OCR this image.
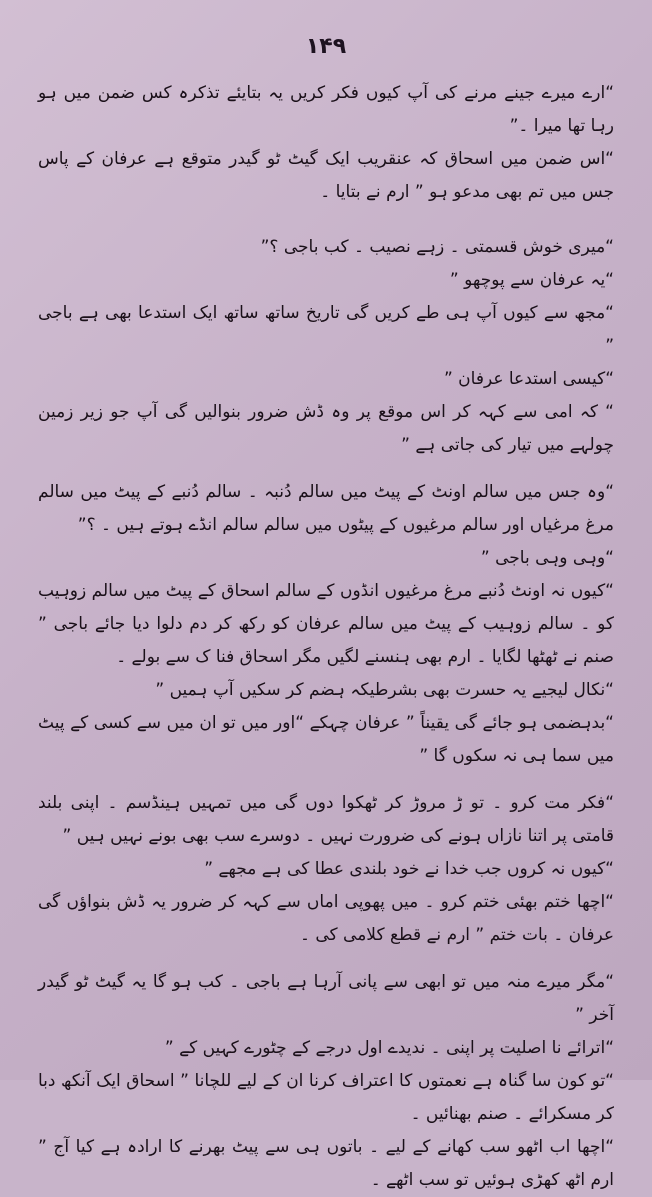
۱۴۹

“ارے میرے جینے مرنے کی آپ کیوں فکر کریں یہ بتایئے تذکرہ کس ضمن میں ہو رہا تھا میرا ۔”

“اس ضمن میں اسحاق کہ عنقریب ایک گیٹ ٹو گیدر متوقع ہے عرفان کے پاس جس میں تم بھی مدعو ہو ” ارم نے بتایا ۔

“میری خوش قسمتی ۔ زہے نصیب ۔ کب باجی ؟”

“یہ عرفان سے پوچھو ”

“مجھ سے کیوں آپ ہی طے کریں گی تاریخ ساتھ ساتھ ایک استدعا بھی ہے باجی ”

“کیسی استدعا عرفان ”

“ کہ امی سے کہہ کر اس موقع پر وہ ڈش ضرور بنوالیں گی آپ جو زیر زمین چولہے میں تیار کی جاتی ہے ”

“وہ جس میں سالم اونٹ کے پیٹ میں سالم دُنبہ ۔ سالم دُنبے کے پیٹ میں سالم مرغ مرغیاں اور سالم مرغیوں کے پیٹوں میں سالم سالم انڈے ہوتے ہیں ۔ ؟”

“وہی وہی باجی ”

“کیوں نہ اونٹ دُنبے مرغ مرغیوں انڈوں کے سالم اسحاق کے پیٹ میں سالم زوہیب کو ۔ سالم زوہیب کے پیٹ میں سالم عرفان کو رکھ کر دم دلوا دیا جائے باجی ” صنم نے ٹھٹھا لگایا ۔ ارم بھی ہنسنے لگیں مگر اسحاق فنا ک سے بولے ۔

“نکال لیجیے یہ حسرت بھی بشرطیکہ ہضم کر سکیں آپ ہمیں ”

“بدہضمی ہو جائے گی یقیناً ” عرفان چہکے “اور میں تو ان میں سے کسی کے پیٹ میں سما ہی نہ سکوں گا ”

“فکر مت کرو ۔ تو ڑ مروڑ کر ٹھکوا دوں گی میں تمہیں ہینڈسم ۔ اپنی بلند قامتی پر اتنا نازاں ہونے کی ضرورت نہیں ۔ دوسرے سب بھی بونے نہیں ہیں ”

“کیوں نہ کروں جب خدا نے خود بلندی عطا کی ہے مجھے ”

“اچھا ختم بھئی ختم کرو ۔ میں پھوپی اماں سے کہہ کر ضرور یہ ڈش بنواؤں گی عرفان ۔ بات ختم ” ارم نے قطع کلامی کی ۔

“مگر میرے منہ میں تو ابھی سے پانی آرہا ہے باجی ۔ کب ہو گا یہ گیٹ ٹو گیدر آخر ”

“اترائے نا اصلیت پر اپنی ۔ ندیدے اول درجے کے چٹورے کہیں کے ”

“تو کون سا گناہ ہے نعمتوں کا اعتراف کرنا ان کے لیے للچانا ” اسحاق ایک آنکھ دبا کر مسکرائے ۔ صنم بھنائیں ۔

“اچھا اب اٹھو سب کھانے کے لیے ۔ باتوں ہی سے پیٹ بھرنے کا ارادہ ہے کیا آج ” ارم اٹھ کھڑی ہوئیں تو سب اٹھے ۔
